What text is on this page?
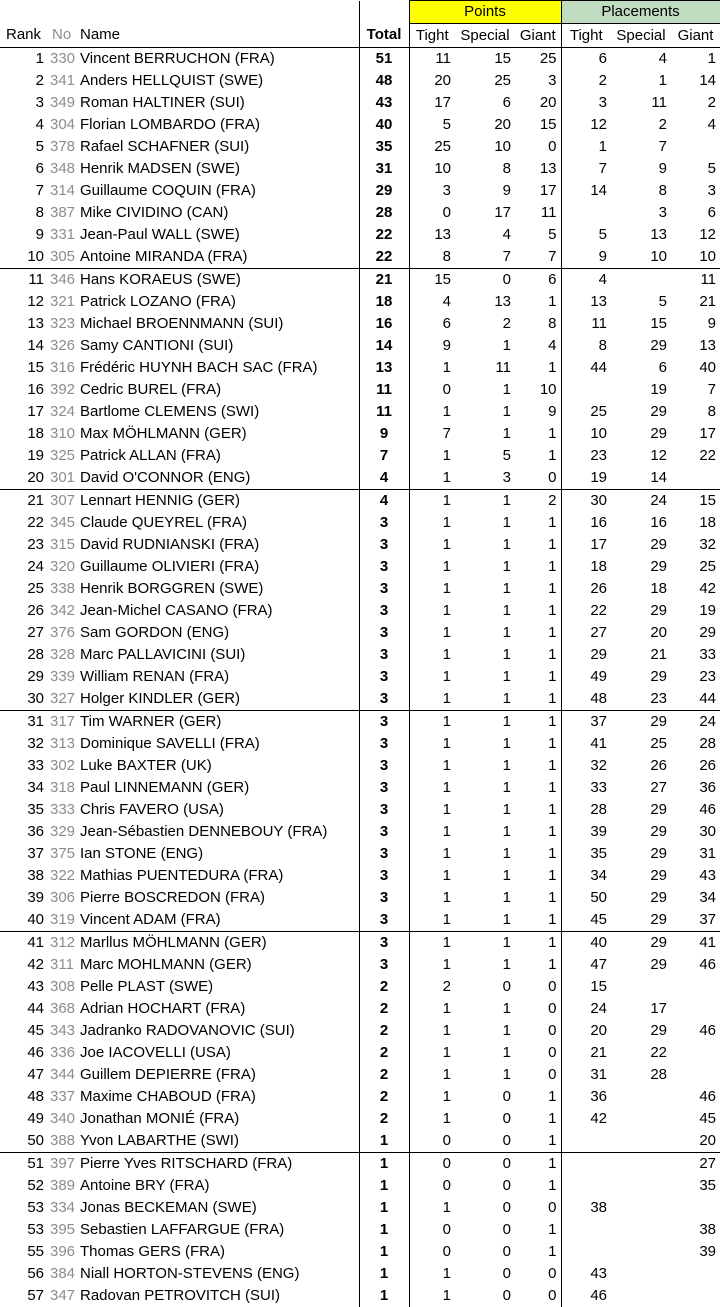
				Points			Placements		
Rank	No	Name	Total	Tight	Special	Giant	Tight	Special	Giant
1	330	Vincent BERRUCHON (FRA)	51	11	15	25	6	4	1
2	341	Anders HELLQUIST (SWE)	48	20	25	3	2	1	14
3	349	Roman HALTINER (SUI)	43	17	6	20	3	11	2
4	304	Florian LOMBARDO (FRA)	40	5	20	15	12	2	4
5	378	Rafael SCHAFNER (SUI)	35	25	10	0	1	7	
6	348	Henrik MADSEN (SWE)	31	10	8	13	7	9	5
7	314	Guillaume COQUIN (FRA)	29	3	9	17	14	8	3
8	387	Mike CIVIDINO (CAN)	28	0	17	11		3	6
9	331	Jean-Paul WALL (SWE)	22	13	4	5	5	13	12
10	305	Antoine MIRANDA (FRA)	22	8	7	7	9	10	10
11	346	Hans KORAEUS (SWE)	21	15	0	6	4		11
12	321	Patrick LOZANO (FRA)	18	4	13	1	13	5	21
13	323	Michael BROENNMANN (SUI)	16	6	2	8	11	15	9
14	326	Samy CANTIONI (SUI)	14	9	1	4	8	29	13
15	316	Frédéric HUYNH BACH SAC (FRA)	13	1	11	1	44	6	40
16	392	Cedric BUREL (FRA)	11	0	1	10		19	7
17	324	Bartlome CLEMENS (SWI)	11	1	1	9	25	29	8
18	310	Max MÖHLMANN (GER)	9	7	1	1	10	29	17
19	325	Patrick ALLAN (FRA)	7	1	5	1	23	12	22
20	301	David O'CONNOR (ENG)	4	1	3	0	19	14	
21	307	Lennart HENNIG (GER)	4	1	1	2	30	24	15
22	345	Claude QUEYREL (FRA)	3	1	1	1	16	16	18
23	315	David RUDNIANSKI (FRA)	3	1	1	1	17	29	32
24	320	Guillaume OLIVIERI (FRA)	3	1	1	1	18	29	25
25	338	Henrik BORGGREN (SWE)	3	1	1	1	26	18	42
26	342	Jean-Michel CASANO (FRA)	3	1	1	1	22	29	19
27	376	Sam GORDON (ENG)	3	1	1	1	27	20	29
28	328	Marc PALLAVICINI (SUI)	3	1	1	1	29	21	33
29	339	William RENAN (FRA)	3	1	1	1	49	29	23
30	327	Holger KINDLER (GER)	3	1	1	1	48	23	44
31	317	Tim WARNER (GER)	3	1	1	1	37	29	24
32	313	Dominique SAVELLI (FRA)	3	1	1	1	41	25	28
33	302	Luke BAXTER (UK)	3	1	1	1	32	26	26
34	318	Paul LINNEMANN (GER)	3	1	1	1	33	27	36
35	333	Chris FAVERO (USA)	3	1	1	1	28	29	46
36	329	Jean-Sébastien DENNEBOUY (FRA)	3	1	1	1	39	29	30
37	375	Ian STONE (ENG)	3	1	1	1	35	29	31
38	322	Mathias PUENTEDURA (FRA)	3	1	1	1	34	29	43
39	306	Pierre BOSCREDON (FRA)	3	1	1	1	50	29	34
40	319	Vincent ADAM (FRA)	3	1	1	1	45	29	37
41	312	Marllus MÖHLMANN (GER)	3	1	1	1	40	29	41
42	311	Marc MOHLMANN (GER)	3	1	1	1	47	29	46
43	308	Pelle PLAST (SWE)	2	2	0	0	15		
44	368	Adrian HOCHART (FRA)	2	1	1	0	24	17	
45	343	Jadranko RADOVANOVIC (SUI)	2	1	1	0	20	29	46
46	336	Joe IACOVELLI (USA)	2	1	1	0	21	22	
47	344	Guillem DEPIERRE (FRA)	2	1	1	0	31	28	
48	337	Maxime CHABOUD (FRA)	2	1	0	1	36		46
49	340	Jonathan MONIÉ (FRA)	2	1	0	1	42		45
50	388	Yvon LABARTHE (SWI)	1	0	0	1			20
51	397	Pierre Yves RITSCHARD (FRA)	1	0	0	1			27
52	389	Antoine BRY (FRA)	1	0	0	1			35
53	334	Jonas BECKEMAN (SWE)	1	1	0	0	38		
53	395	Sebastien LAFFARGUE (FRA)	1	0	0	1			38
55	396	Thomas GERS (FRA)	1	0	0	1			39
56	384	Niall HORTON-STEVENS (ENG)	1	1	0	0	43		
57	347	Radovan PETROVITCH (SUI)	1	1	0	0	46		
